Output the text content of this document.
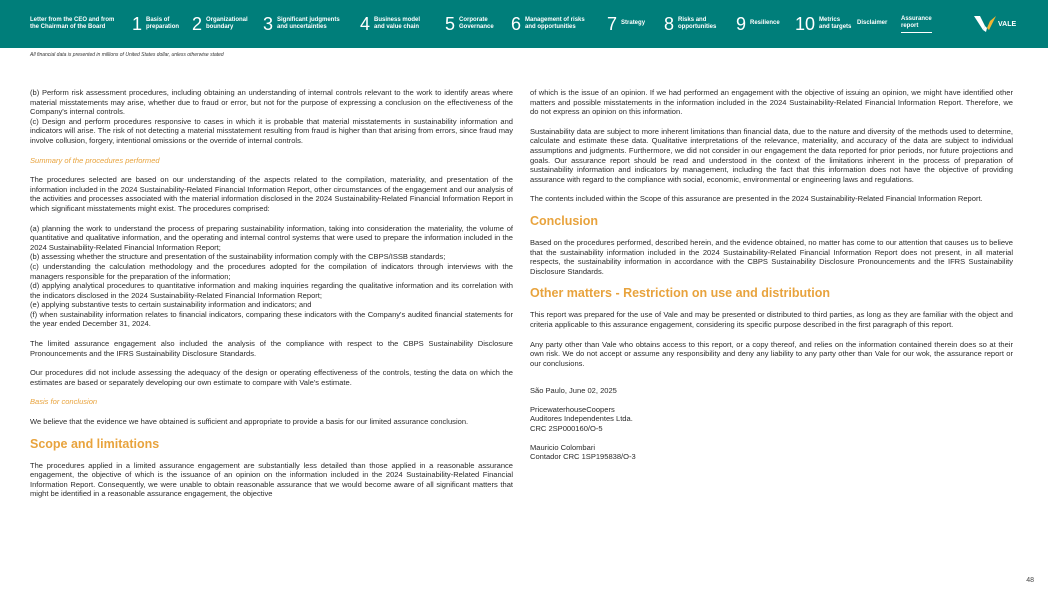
Letter from the CEO and from
the Chairman of the Board	1 Basis of
preparation 2 Organizational
boundary	3 Significant judgments
and uncertainties	4 Business model
and value chain 5 Corporate
Governance 6 Management of risks
and opportunities	7 Strategy 8 Risks and
opportunities 9 Resilience 10 Metrics
and targets
Disclaimer
Assurance
report	VALE
All financial data is presented in millions of United States dollar, unless otherwise stated

(b) Perform risk assessment procedures, including obtaining an understanding of internal controls relevant to the work to identify areas where material misstatements may arise, whether due to fraud or error, but not for the purpose of expressing a conclusion on the effectiveness of the Company's internal controls.

(c) Design and perform procedures responsive to cases in which it is probable that material misstatements in sustainability information and indicators will arise. The risk of not detecting a material misstatement resulting from fraud is higher than that arising from errors, since fraud may involve collusion, forgery, intentional omissions or the override of internal controls.

Summary of the procedures performed

The procedures selected are based on our understanding of the aspects related to the compilation, materiality, and presentation of the information included in the 2024 Sustainability-Related Financial Information Report, other circumstances of the engagement and our analysis of the activities and processes associated with the material information disclosed in the 2024 Sustainability-Related Financial Information Report in which significant misstatements might exist. The procedures comprised:

(a) planning the work to understand the process of preparing sustainability information, taking into consideration the materiality, the volume of quantitative and qualitative information, and the operating and internal control systems that were used to prepare the information included in the 2024 Sustainability-Related Financial Information Report;
(b) assessing whether the structure and presentation of the sustainability information comply with the CBPS/ISSB standards;
(c) understanding the calculation methodology and the procedures adopted for the compilation of indicators through interviews with the managers responsible for the preparation of the information;
(d) applying analytical procedures to quantitative information and making inquiries regarding the qualitative information and its correlation with the indicators disclosed in the 2024 Sustainability-Related Financial Information Report;
(e) applying substantive tests to certain sustainability information and indicators; and
(f) when sustainability information relates to financial indicators, comparing these indicators with the Company's audited financial statements for the year ended December 31, 2024.

The limited assurance engagement also included the analysis of the compliance with respect to the CBPS Sustainability Disclosure Pronouncements and the IFRS Sustainability Disclosure Standards.

Our procedures did not include assessing the adequacy of the design or operating effectiveness of the controls, testing the data on which the estimates are based or separately developing our own estimate to compare with Vale's estimate.

Basis for conclusion

We believe that the evidence we have obtained is sufficient and appropriate to provide a basis for our limited assurance conclusion.

Scope and limitations

The procedures applied in a limited assurance engagement are substantially less detailed than those applied in a reasonable assurance engagement, the objective of which is the issuance of an opinion on the information included in the 2024 Sustainability-Related Financial Information Report. Consequently, we were unable to obtain reasonable assurance that we would become aware of all significant matters that might be identified in a reasonable assurance engagement, the objective

of which is the issue of an opinion. If we had performed an engagement with the objective of issuing an opinion, we might have identified other matters and possible misstatements in the information included in the 2024 Sustainability-Related Financial Information Report. Therefore, we do not express an opinion on this information.

Sustainability data are subject to more inherent limitations than financial data, due to the nature and diversity of the methods used to determine, calculate and estimate these data. Qualitative interpretations of the relevance, materiality, and accuracy of the data are subject to individual assumptions and judgments. Furthermore, we did not consider in our engagement the data reported for prior periods, nor future projections and goals. Our assurance report should be read and understood in the context of the limitations inherent in the process of preparation of sustainability information and indicators by management, including the fact that this information does not have the objective of providing assurance with regard to the compliance with social, economic, environmental or engineering laws and regulations.

The contents included within the Scope of this assurance are presented in the 2024 Sustainability-Related Financial Information Report.

Conclusion

Based on the procedures performed, described herein, and the evidence obtained, no matter has come to our attention that causes us to believe that the sustainability information included in the 2024 Sustainability-Related Financial Information Report does not present, in all material respects, the sustainability information in accordance with the CBPS Sustainability Disclosure Pronouncements and the IFRS Sustainability Disclosure Standards.

Other matters - Restriction on use and distribution

This report was prepared for the use of Vale and may be presented or distributed to third parties, as long as they are familiar with the object and criteria applicable to this assurance engagement, considering its specific purpose described in the first paragraph of this report.

Any party other than Vale who obtains access to this report, or a copy thereof, and relies on the information contained therein does so at their own risk. We do not accept or assume any responsibility and deny any liability to any party other than Vale for our wok, the assurance report or our conclusions.

São Paulo, June 02, 2025

PricewaterhouseCoopers
Auditores Independentes Ltda.

CRC 2SP000160/O-5

Mauricio Colombari
Contador CRC 1SP195838/O-3
48
